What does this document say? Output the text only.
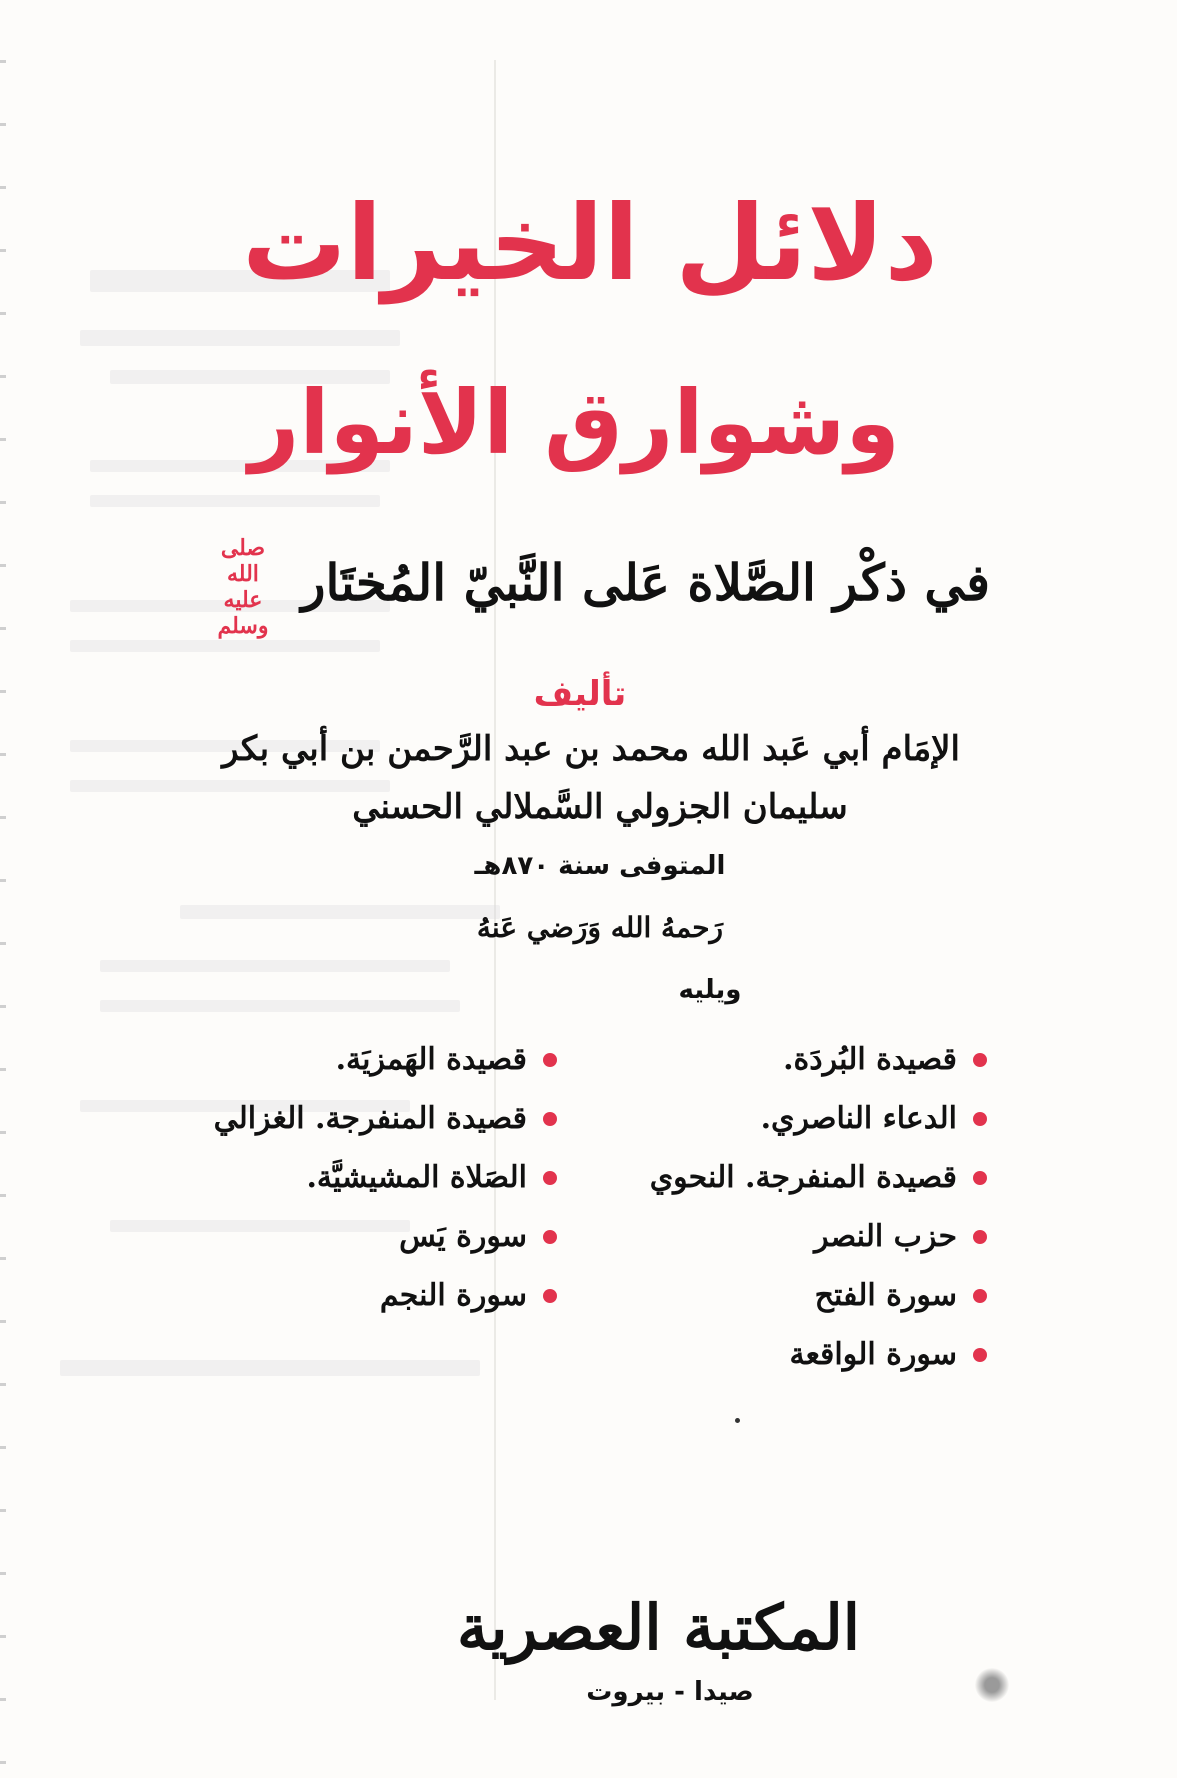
دلائل الخيرات
وشوارق الأنوار
في ذكْر الصَّلاة عَلى النَّبيّ المُختَار صلى الله عليه وسلم
تأليف
الإمَام أبي عَبد الله محمد بن عبد الرَّحمن بن أبي بكر
سليمان الجزولي السَّملالي الحسني
المتوفى سنة ٨٧٠هـ
رَحمهُ الله وَرَضي عَنهُ
ويليه
قصيدة البُردَة.
الدعاء الناصري.
قصيدة المنفرجة. النحوي
حزب النصر
سورة الفتح
سورة الواقعة
قصيدة الهَمزيَة.
قصيدة المنفرجة. الغزالي
الصَلاة المشيشيَّة.
سورة يَس
سورة النجم
المكتبة العصرية
صيدا - بيروت
